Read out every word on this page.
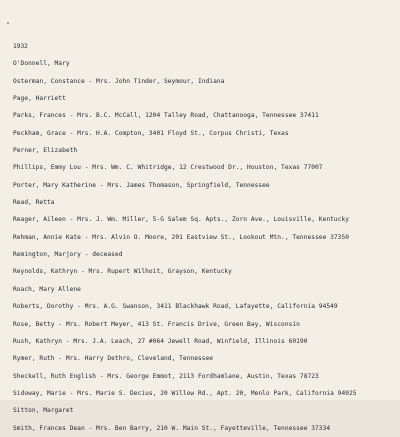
1932
O'Donnell, Mary
Osterman, Constance - Mrs. John Tinder, Seymour, Indiana
Page, Harriett
Parks, Frances - Mrs. B.C. McCall, 1204 Talley Road, Chattanooga, Tennessee 37411
Peckham, Grace - Mrs. H.A. Compton, 3401 Floyd St., Corpus Christi, Texas
Perner, Elizabeth
Phillips, Emmy Lou - Mrs. Wm. C. Whitridge, 12 Crestwood Dr., Houston, Texas 77007
Porter, Mary Katherine - Mrs. James Thomason, Springfield, Tennessee
Read, Retta
Reager, Aileen - Mrs. J. Wm. Miller, 5-G Salem Sq. Apts., Zorn Ave., Louisville, Kentucky
Rehman, Annie Kate - Mrs. Alvin O. Moore, 201 Eastview St., Lookout Mtn., Tennessee 37350
Remington, Marjory - deceased
Reynolds, Kathryn - Mrs. Rupert Wilhoit, Grayson, Kentucky
Roach, Mary Allene
Roberts, Dorothy - Mrs. A.G. Swanson, 3411 Blackhawk Road, Lafayette, California 94549
Rose, Betty - Mrs. Robert Meyer, 413 St. Francis Drive, Green Bay, Wisconsin
Rush, Kathryn - Mrs. J.A. Leach, 27 #064 Jewell Road, Winfield, Illinois 60190
Rymer, Ruth - Mrs. Harry Dethro, Cleveland, Tennessee
Sheckell, Ruth English - Mrs. George Emmot, 2113 Fordhamlane, Austin, Texas 78723
Sidoway, Marie - Mrs. Marie S. Decius, 20 Willow Rd., Apt. 20, Menlo Park, California 94025
Sitton, Margaret
Smith, Frances Dean - Mrs. Ben Barry, 210 W. Main St., Fayetteville, Tennessee 37334
